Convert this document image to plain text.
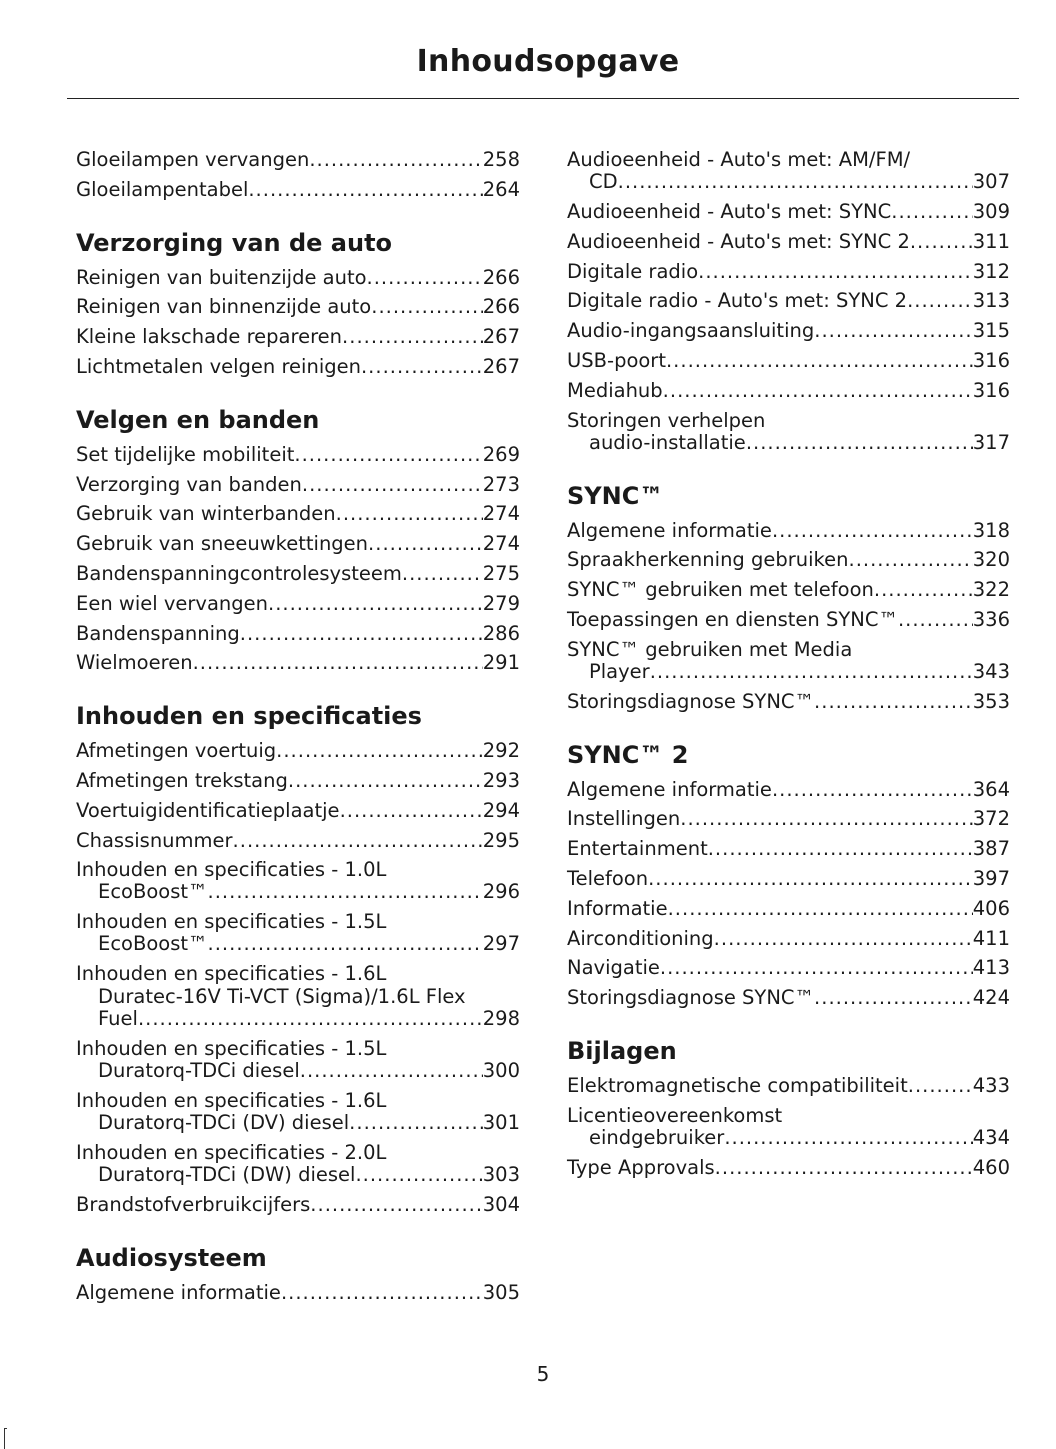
Inhoudsopgave
Gloeilampen vervangen .....	258
Gloeilampentabel .....	264
Verzorging van de auto
Reinigen van buitenzijde auto .....	266
Reinigen van binnenzijde auto .....	266
Kleine lakschade repareren .....	267
Lichtmetalen velgen reinigen .....	267
Velgen en banden
Set tijdelijke mobiliteit .....	269
Verzorging van banden .....	273
Gebruik van winterbanden .....	274
Gebruik van sneeuwkettingen .....	274
Bandenspanningcontrolesysteem .....	275
Een wiel vervangen .....	279
Bandenspanning .....	286
Wielmoeren .....	291
Inhouden en specificaties
Afmetingen voertuig .....	292
Afmetingen trekstang .....	293
Voertuigidentificatieplaatje .....	294
Chassisnummer .....	295
Inhouden en specificaties - 1.0L
EcoBoost™ .....	296
Inhouden en specificaties - 1.5L
EcoBoost™ .....	297
Inhouden en specificaties - 1.6L
Duratec-16V Ti-VCT (Sigma)/1.6L Flex
Fuel .....	298
Inhouden en specificaties - 1.5L
Duratorq-TDCi diesel .....	300
Inhouden en specificaties - 1.6L
Duratorq-TDCi (DV) diesel .....	301
Inhouden en specificaties - 2.0L
Duratorq-TDCi (DW) diesel .....	303
Brandstofverbruikcijfers .....	304
Audiosysteem
Algemene informatie .....	305
Audioeenheid - Auto's met: AM/FM/
CD .....	307
Audioeenheid - Auto's met: SYNC .....	309
Audioeenheid - Auto's met: SYNC 2 .....	311
Digitale radio .....	312
Digitale radio - Auto's met: SYNC 2 .....	313
Audio-ingangsaansluiting .....	315
USB-poort .....	316
Mediahub .....	316
Storingen verhelpen
audio-installatie .....	317
SYNC™
Algemene informatie .....	318
Spraakherkenning gebruiken .....	320
SYNC™ gebruiken met telefoon .....	322
Toepassingen en diensten SYNC™ .....	336
SYNC™ gebruiken met Media
Player .....	343
Storingsdiagnose SYNC™ .....	353
SYNC™ 2
Algemene informatie .....	364
Instellingen .....	372
Entertainment .....	387
Telefoon .....	397
Informatie .....	406
Airconditioning .....	411
Navigatie .....	413
Storingsdiagnose SYNC™ .....	424
Bijlagen
Elektromagnetische compatibiliteit .....	433
Licentieovereenkomst
eindgebruiker .....	434
Type Approvals .....	460
5
